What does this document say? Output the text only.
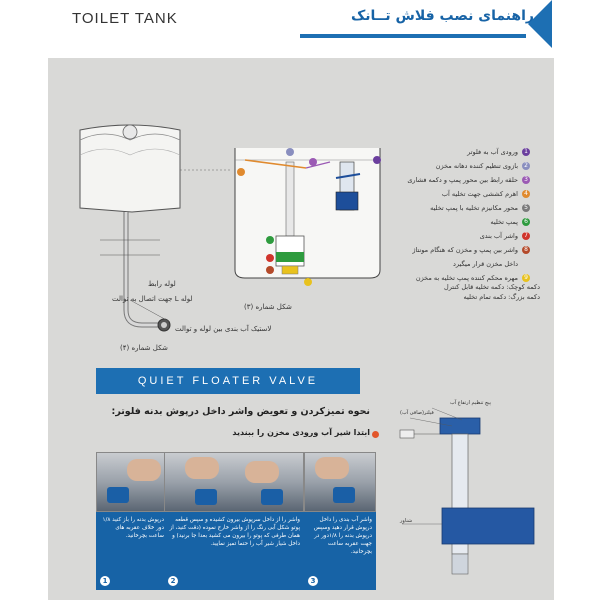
TOILET TANK	راهنمای نصب فلاش تــانک
شکل شماره (۳)
شکل شماره (۴)
لوله رابط
لوله L جهت اتصال به توالت
لاستیک آب بندی بین لوله و توالت
1
ورودی آب به فلوتر
2
بازوی تنظیم کننده دهانه مخزن
3
حلقه رابط بین محور پمپ و دکمه فشاری
4
اهرم کششی جهت تخلیه آب
5
محور مکانیزم تخلیه با پمپ تخلیه
6
پمپ تخلیه
7
واشر آب بندی
8
واشر بین پمپ و مخزن که هنگام مونتاژ
داخل مخزن قرار میگیرد
9
مهره محکم کننده پمپ تخلیه به مخزن
دکمه کوچک: دکمه تخلیه قابل کنترل
دکمه بزرگ: دکمه تمام تخلیه
QUIET FLOATER VALVE
نحوه تمیزکردن و تعویض واشر داخل درپوش بدنه فلوتر:
ابتدا شیر آب ورودی مخزن را ببندید
پیچ تنظیم ارتفاع آب
فیلتر(صافی آب)
شناور
درپوش بدنه را باز کنید ۱/۸ دور خلاف عقربه های ساعت بچرخانید.
1
واشر را از داخل سرپوش بیرون کشیده و سپس قطعه پوتو شکل آبی رنگ را از واشر خارج نموده (دقت کنید، از همان طرفی که پوتو را بیرون می کشید بعدا جا برنید) و داخل شیار شیر آب را حتما تمیز نمایید.
2
واشر آب بندی را داخل درپوش قرار دهید وسپس درپوش بدنه را ۱/۸دور در جهت عقربه ساعت بچرخانید.
3
